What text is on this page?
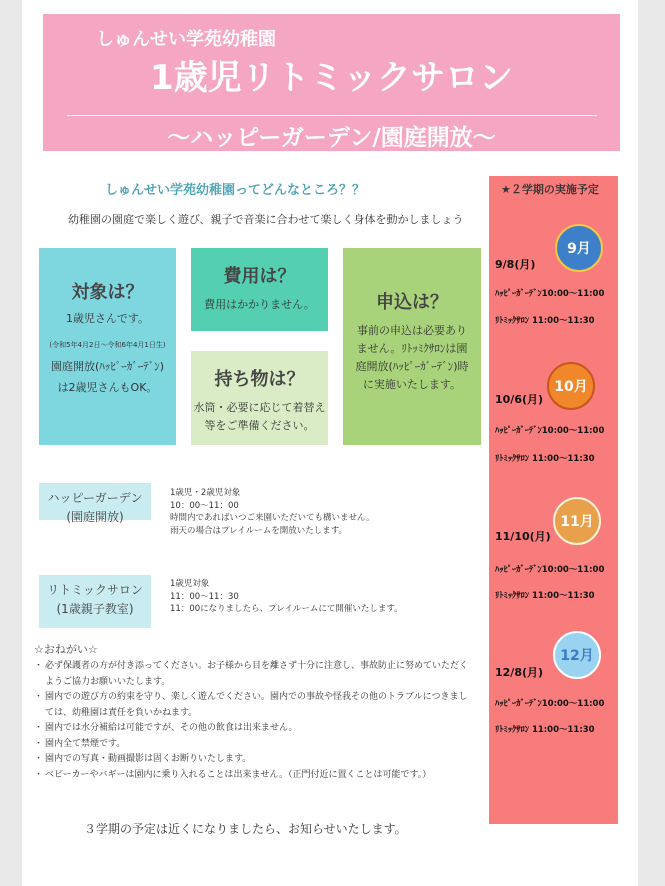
しゅんせい学苑幼稚園
1歳児リトミックサロン
〜ハッピーガーデン/園庭開放〜
しゅんせい学苑幼稚園ってどんなところ？？
幼稚園の園庭で楽しく遊び、親子で音楽に合わせて楽しく身体を動かしましょう
対象は？
1歳児さんです。
(令和5年4月2日〜令和6年4月1日生)
園庭開放(ﾊｯﾋﾟｰｶﾞｰﾃﾞﾝ)
は2歳児さんもOK。
費用は？
費用はかかりません。
持ち物は？
水筒・必要に応じて着替え
等をご準備ください。
申込は？
事前の申込は必要あり
ません。ﾘﾄｯﾐｸｻﾛﾝは園
庭開放(ﾊｯﾋﾟｰｶﾞｰﾃﾞﾝ)時
に実施いたします。
ハッピーガーデン
(園庭開放)
1歳児・2歳児対象
10：00〜11：00
時間内であればいつご来園いただいても構いません。
雨天の場合はプレイルームを開放いたします。
リトミックサロン
(1歳親子教室)
1歳児対象
11：00〜11：30
11：00になりましたら、プレイルームにて開催いたします。
☆おねがい☆
・ 必ず保護者の方が付き添ってください。お子様から目を離さず十分に注意し、事故防止に努めていただくようご協力お願いいたします。
・ 園内での遊び方の約束を守り、楽しく遊んでください。園内での事故や怪我その他のトラブルにつきましては、幼稚園は責任を負いかねます。
・ 園内では水分補給は可能ですが、その他の飲食は出来ません。
・ 園内全て禁煙です。
・ 園内での写真・動画撮影は固くお断りいたします。
・ ベビーカーやバギーは園内に乗り入れることは出来ません。（正門付近に置くことは可能です。）
３学期の予定は近くになりましたら、お知らせいたします。
★２学期の実施予定
9月
9/8(月)
ﾊｯﾋﾟｰｶﾞｰﾃﾞﾝ10:00〜11:00
ﾘﾄﾐｯｸｻﾛﾝ 11:00〜11:30
10月
10/6(月)
ﾊｯﾋﾟｰｶﾞｰﾃﾞﾝ10:00〜11:00
ﾘﾄﾐｯｸｻﾛﾝ 11:00〜11:30
11月
11/10(月)
ﾊｯﾋﾟｰｶﾞｰﾃﾞﾝ10:00〜11:00
ﾘﾄﾐｯｸｻﾛﾝ 11:00〜11:30
12月
12/8(月)
ﾊｯﾋﾟｰｶﾞｰﾃﾞﾝ10:00〜11:00
ﾘﾄﾐｯｸｻﾛﾝ 11:00〜11:30
